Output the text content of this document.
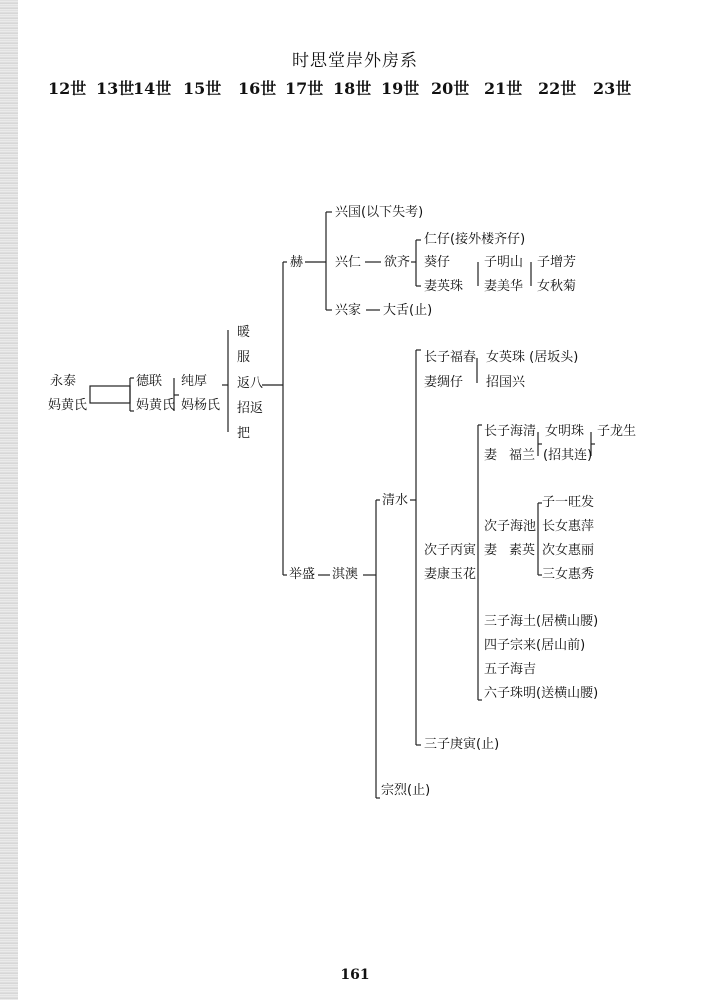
时思堂岸外房系
12世 13世
14世 15世 16世 17世 18世 19世 20世 21世 22世 23世
永泰
妈黄氏
德联
妈黄氏
纯厚
妈杨氏
暖
服
返八
招返
把
赫
举盛
兴国(以下失考)
兴仁 欲齐
兴家 大舌(止)
仁仔(接外楼齐仔)
葵仔
妻英珠
子明山
妻美华
子增芳
女秋菊
淇澳
清水
宗烈(止)
长子福春
妻绸仔
次子丙寅
妻康玉花
三子庚寅(止)
女英珠 (居坂头)
招国兴
长子海清
妻 福兰
次子海池
妻 素英
三子海土(居横山腰)
四子宗来(居山前)
五子海吉
六子珠明(送横山腰)
女明珠
(招其连)
子一旺发
长女惠萍
次女惠丽
三女惠秀
子龙生
161
